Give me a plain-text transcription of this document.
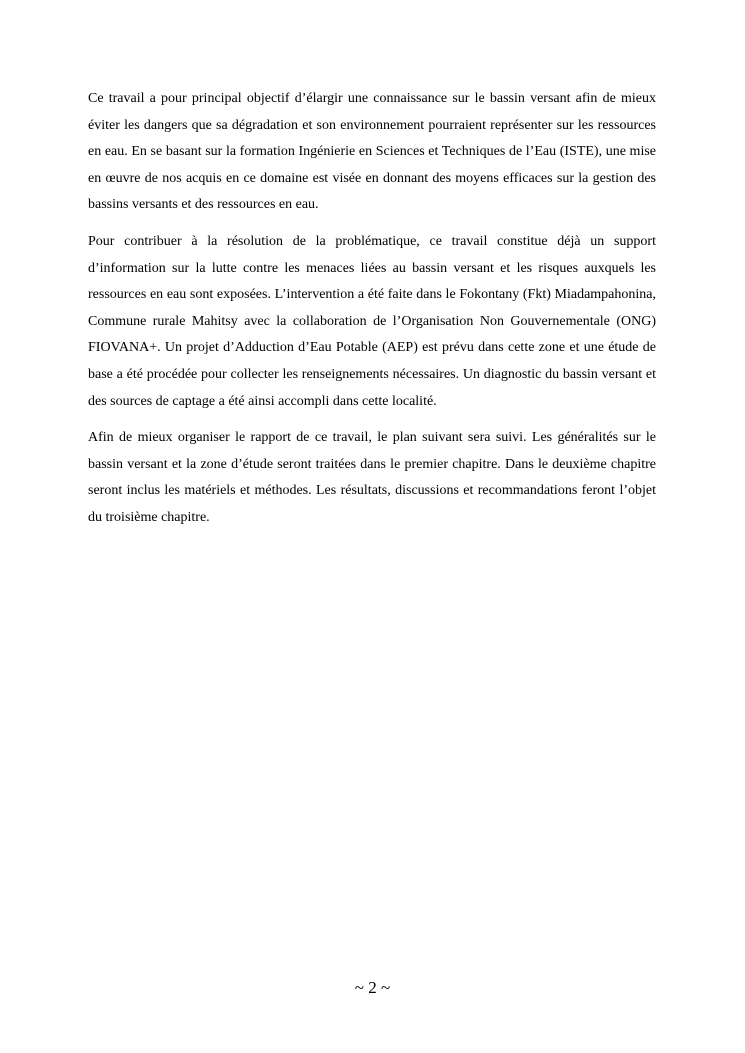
Ce travail a pour principal objectif d’élargir une connaissance sur le bassin versant afin de mieux éviter les dangers que sa dégradation et son environnement pourraient représenter sur les ressources en eau. En se basant sur la formation Ingénierie en Sciences et Techniques de l’Eau (ISTE), une mise en œuvre de nos acquis en ce domaine est visée en donnant des moyens efficaces sur la gestion des bassins versants et des ressources en eau.

Pour contribuer à la résolution de la problématique, ce travail constitue déjà un support d’information sur la lutte contre les menaces liées au bassin versant et les risques auxquels les ressources en eau sont exposées. L’intervention a été faite dans le Fokontany (Fkt) Miadampahonina, Commune rurale Mahitsy avec la collaboration de l’Organisation Non Gouvernementale (ONG) FIOVANA+. Un projet d’Adduction d’Eau Potable (AEP) est prévu dans cette zone et une étude de base a été procédée pour collecter les renseignements nécessaires. Un diagnostic du bassin versant et des sources de captage a été ainsi accompli dans cette localité.

Afin de mieux organiser le rapport de ce travail, le plan suivant sera suivi. Les généralités sur le bassin versant et la zone d’étude seront traitées dans le premier chapitre. Dans le deuxième chapitre seront inclus les matériels et méthodes. Les résultats, discussions et recommandations feront l’objet du troisième chapitre.

~ 2 ~
